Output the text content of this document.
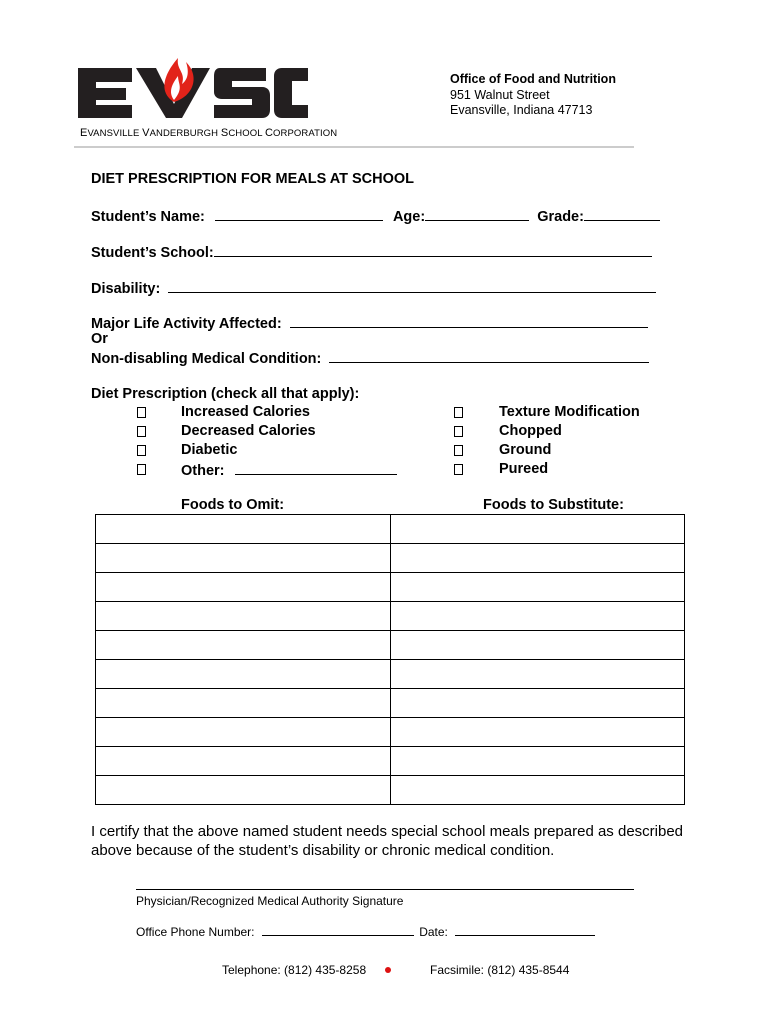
EVANSVILLE VANDERBURGH SCHOOL CORPORATION
Office of Food and Nutrition
951 Walnut Street
Evansville, Indiana 47713
DIET PRESCRIPTION FOR MEALS AT SCHOOL
Student’s Name:	Age:	Grade:
Student’s School:
Disability:
Major Life Activity Affected:
Or
Non-disabling Medical Condition:
Diet Prescription (check all that apply):
Increased Calories
Decreased Calories
Diabetic
Other:
Texture Modification
Chopped
Ground
Pureed
Foods to Omit:	Foods to Substitute:

I certify that the above named student needs special school meals prepared as described above because of the student’s disability or chronic medical condition.
Physician/Recognized Medical Authority Signature
Office Phone Number:	Date:
Telephone: (812) 435-8258	Facsimile: (812) 435-8544
